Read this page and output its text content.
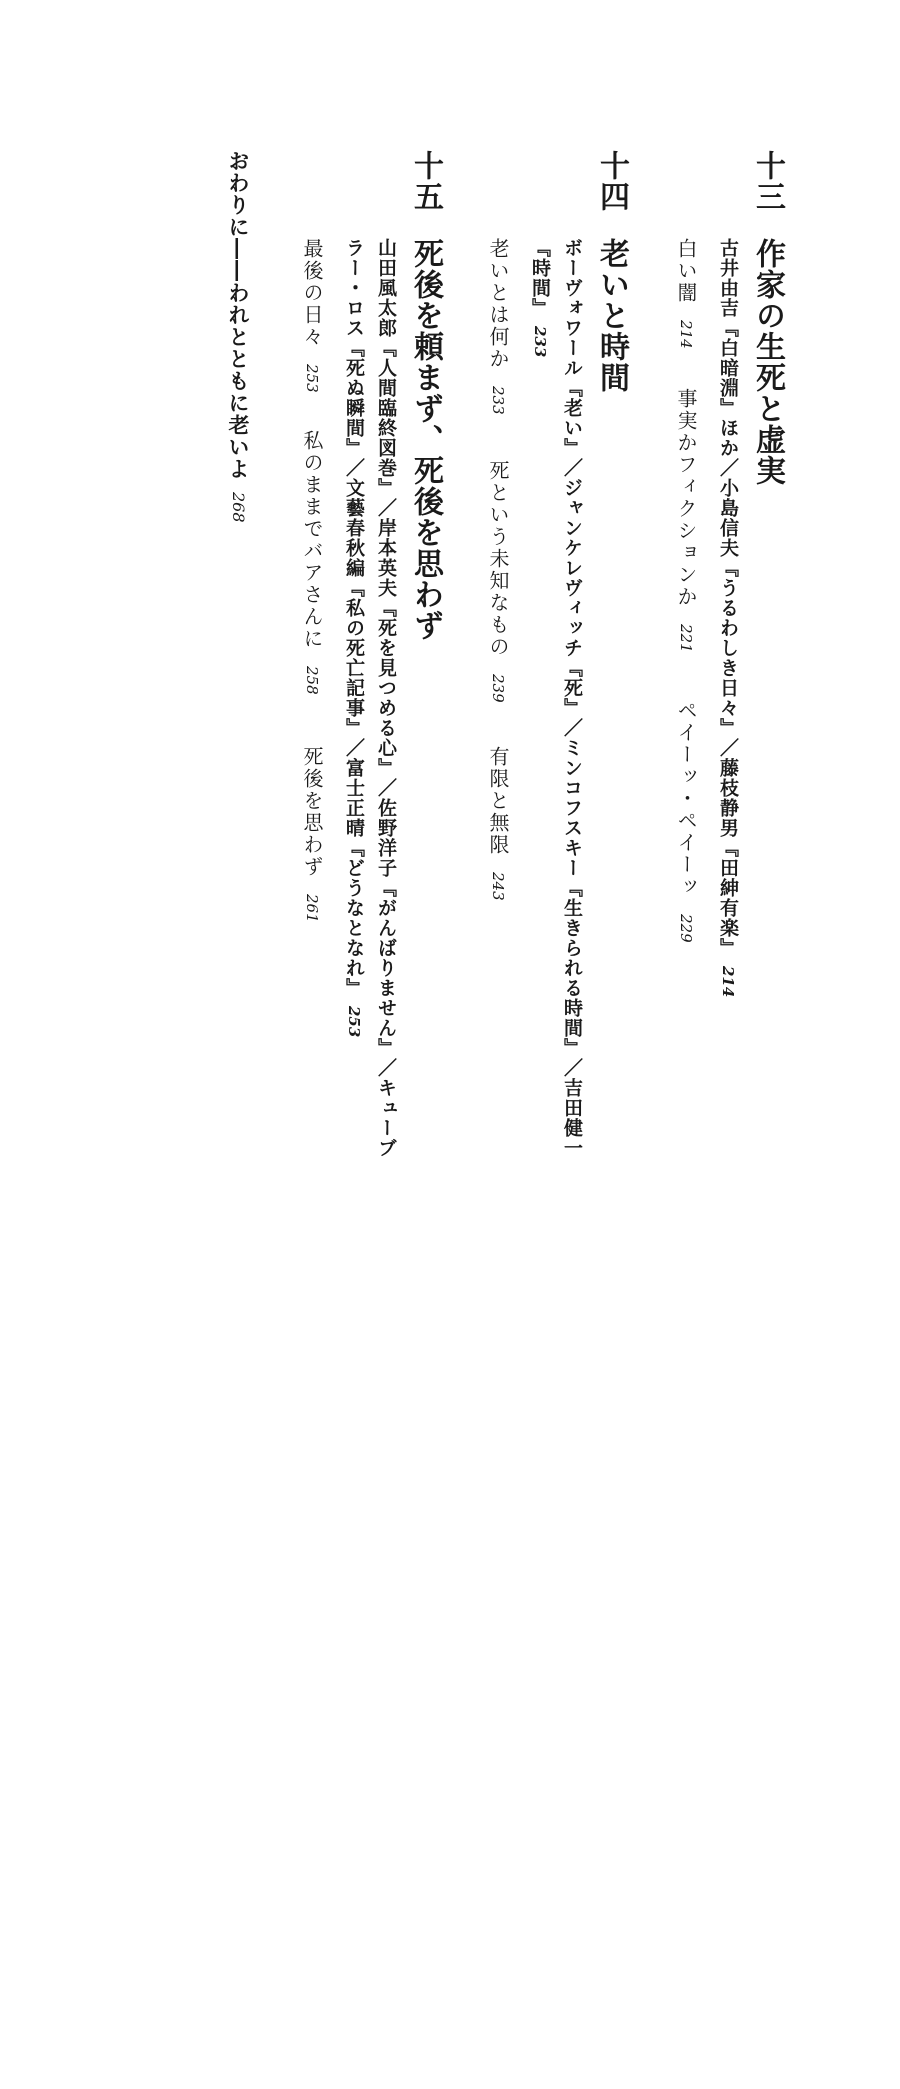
十三
作家の生死と虚実
古井由吉『白暗淵』ほか／小島信夫『うるわしき日々』／藤枝静男『田紳有楽』214
白い闇214
事実かフィクションか221
ペイーッ・ペイーッ229
十四
老いと時間
ボーヴォワール『老い』／ジャンケレヴィッチ『死』／ミンコフスキー『生きられる時間』／吉田健一
『時間』233
老いとは何か233
死という未知なもの239
有限と無限243
十五
死後を頼まず、死後を思わず
山田風太郎『人間臨終図巻』／岸本英夫『死を見つめる心』／佐野洋子『がんばりません』／キューブ
ラー・ロス『死ぬ瞬間』／文藝春秋編『私の死亡記事』／富士正晴『どうなとなれ』253
最後の日々253
私のままでバアさんに258
死後を思わず261
おわりに――われとともに老いよ268
